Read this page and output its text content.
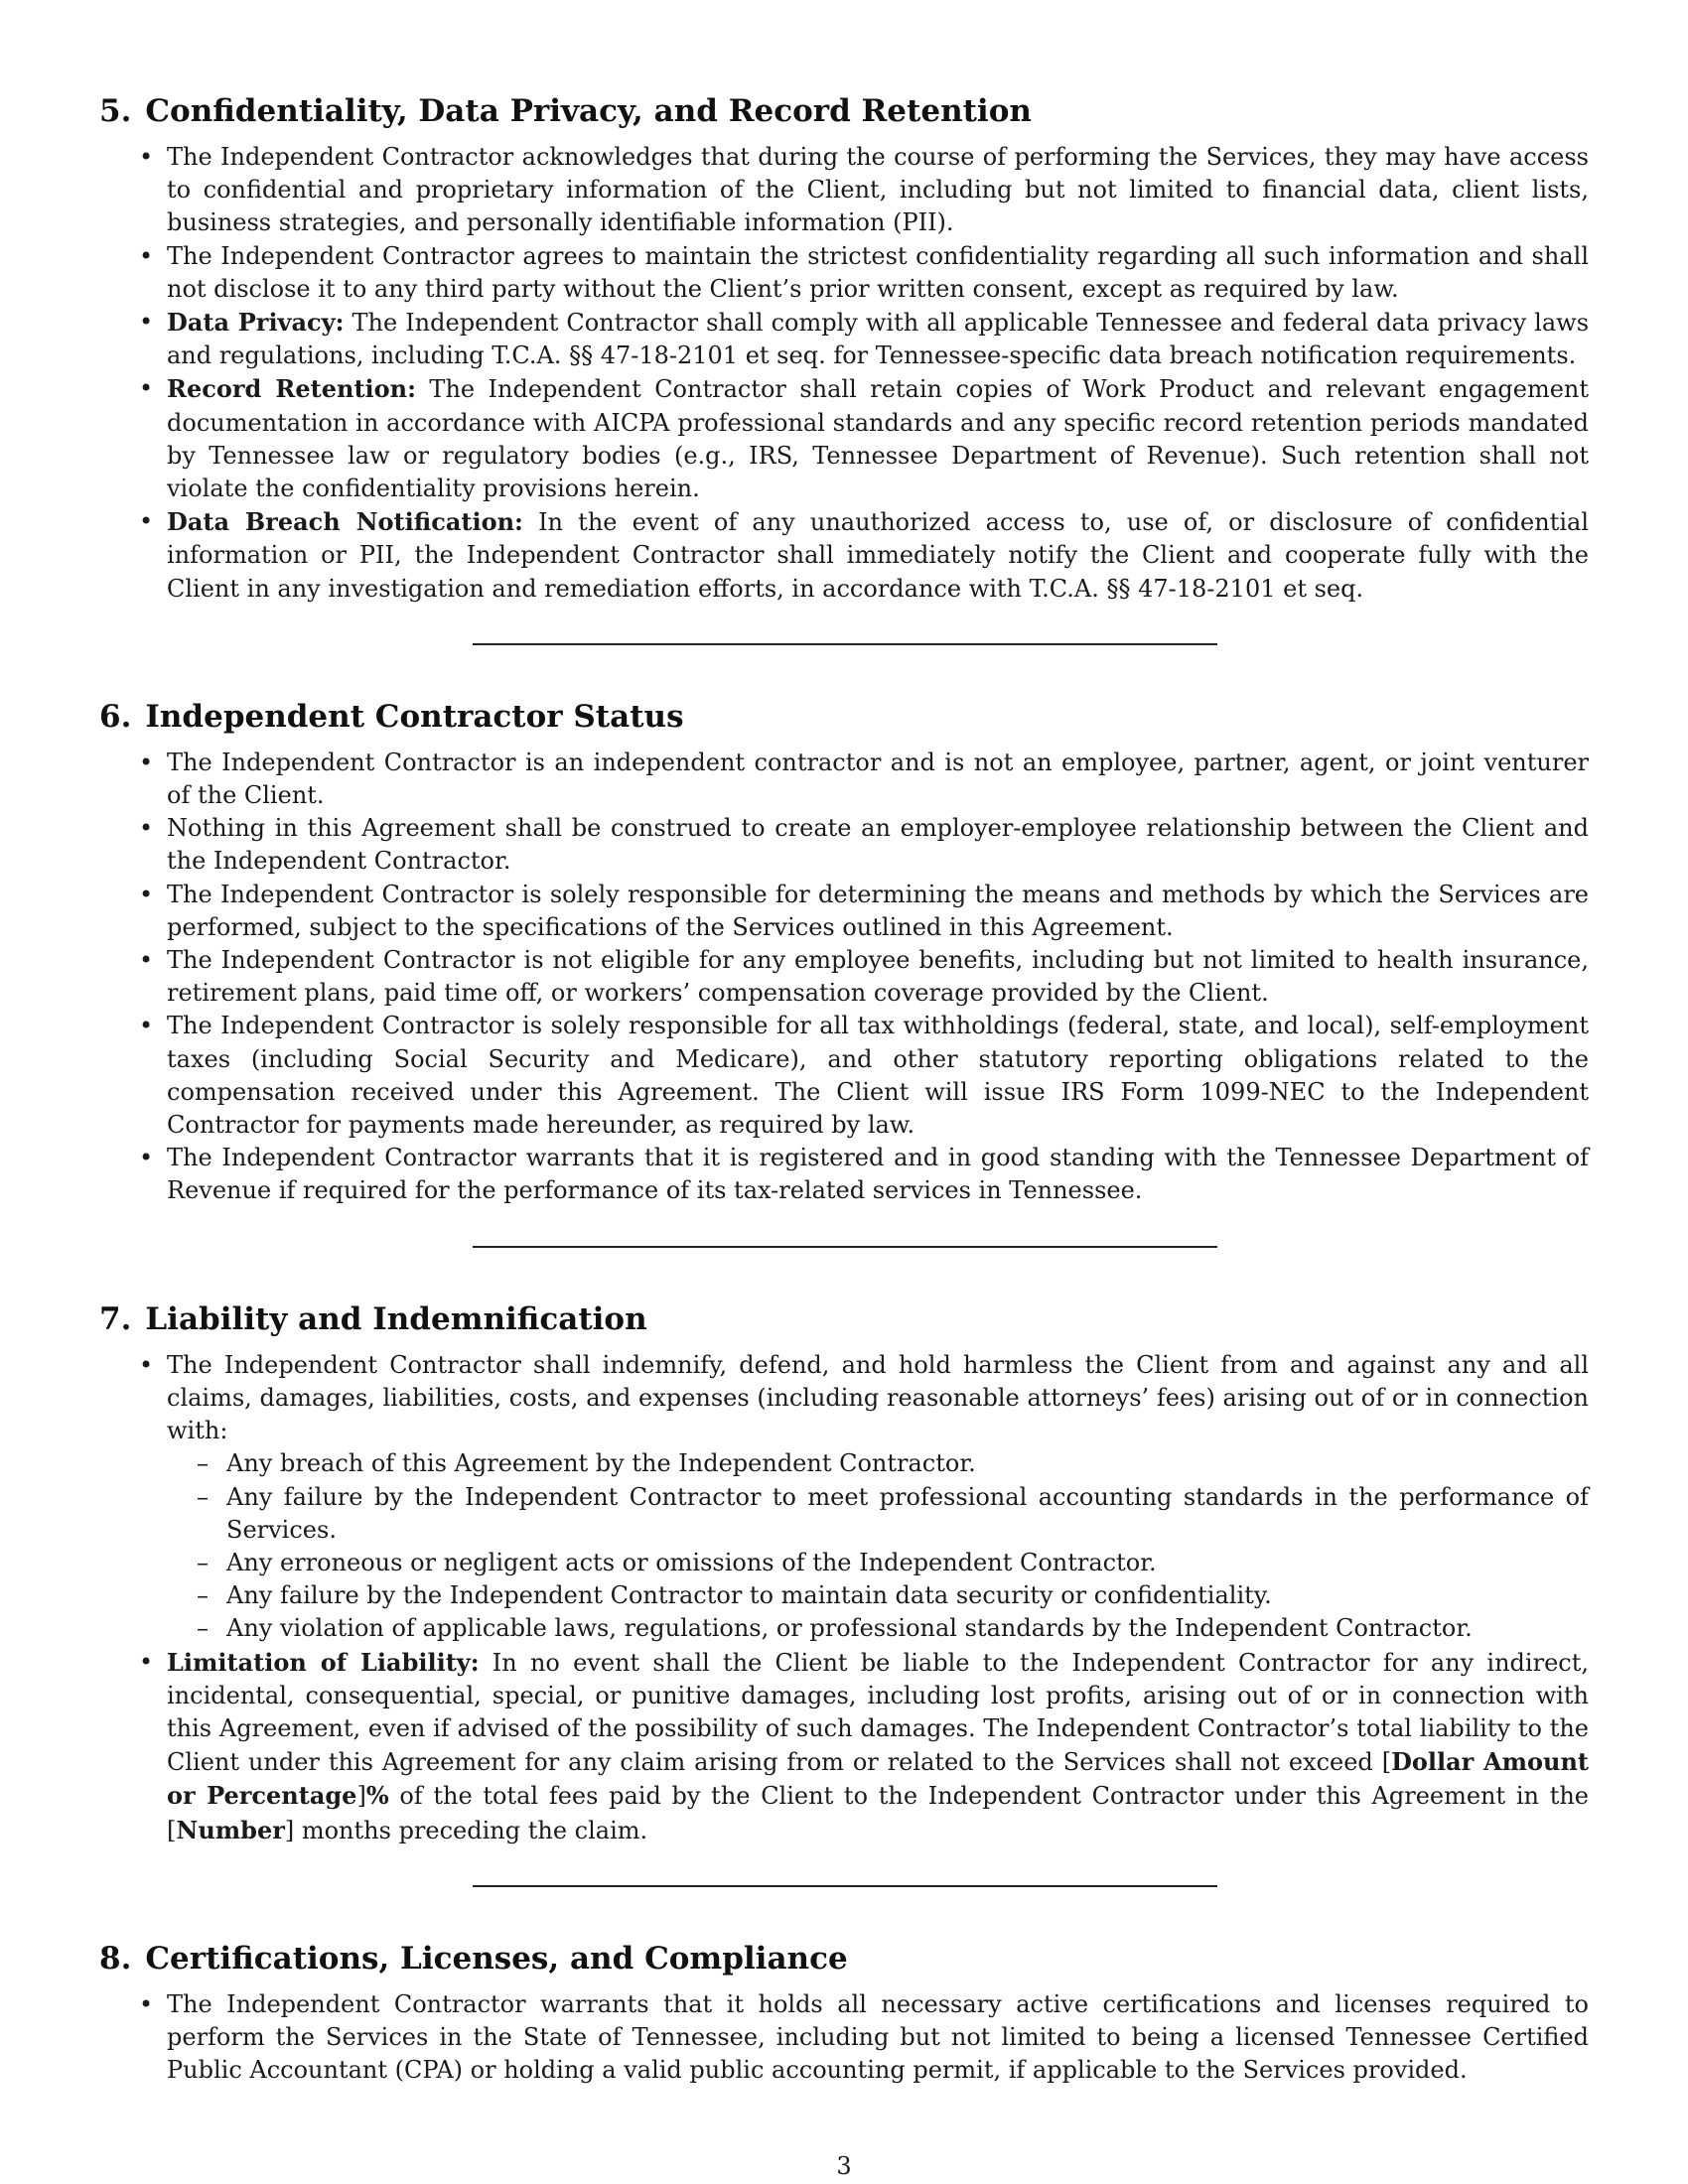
5. Confidentiality, Data Privacy, and Record Retention
• The Independent Contractor acknowledges that during the course of performing the Services, they may have access to confidential and proprietary information of the Client, including but not limited to financial data, client lists, business strategies, and personally identifiable information (PII).
• The Independent Contractor agrees to maintain the strictest confidentiality regarding all such information and shall not disclose it to any third party without the Client’s prior written consent, except as required by law.
• Data Privacy: The Independent Contractor shall comply with all applicable Tennessee and federal data privacy laws and regulations, including T.C.A. §§ 47-18-2101 et seq. for Tennessee-specific data breach notification requirements.
• Record Retention: The Independent Contractor shall retain copies of Work Product and relevant engagement documentation in accordance with AICPA professional standards and any specific record retention periods mandated by Tennessee law or regulatory bodies (e.g., IRS, Tennessee Department of Revenue). Such retention shall not violate the confidentiality provisions herein.
• Data Breach Notification: In the event of any unauthorized access to, use of, or disclosure of confidential information or PII, the Independent Contractor shall immediately notify the Client and cooperate fully with the Client in any investigation and remediation efforts, in accordance with T.C.A. §§ 47-18-2101 et seq.
6. Independent Contractor Status
• The Independent Contractor is an independent contractor and is not an employee, partner, agent, or joint venturer of the Client.
• Nothing in this Agreement shall be construed to create an employer-employee relationship between the Client and the Independent Contractor.
• The Independent Contractor is solely responsible for determining the means and methods by which the Services are performed, subject to the specifications of the Services outlined in this Agreement.
• The Independent Contractor is not eligible for any employee benefits, including but not limited to health insurance, retirement plans, paid time off, or workers’ compensation coverage provided by the Client.
• The Independent Contractor is solely responsible for all tax withholdings (federal, state, and local), self-employment taxes (including Social Security and Medicare), and other statutory reporting obligations related to the compensation received under this Agreement. The Client will issue IRS Form 1099-NEC to the Independent Contractor for payments made hereunder, as required by law.
• The Independent Contractor warrants that it is registered and in good standing with the Tennessee Department of Revenue if required for the performance of its tax-related services in Tennessee.
7. Liability and Indemnification
• The Independent Contractor shall indemnify, defend, and hold harmless the Client from and against any and all claims, damages, liabilities, costs, and expenses (including reasonable attorneys’ fees) arising out of or in connection with:
– Any breach of this Agreement by the Independent Contractor.
– Any failure by the Independent Contractor to meet professional accounting standards in the performance of Services.
– Any erroneous or negligent acts or omissions of the Independent Contractor.
– Any failure by the Independent Contractor to maintain data security or confidentiality.
– Any violation of applicable laws, regulations, or professional standards by the Independent Contractor.
• Limitation of Liability: In no event shall the Client be liable to the Independent Contractor for any indirect, incidental, consequential, special, or punitive damages, including lost profits, arising out of or in connection with this Agreement, even if advised of the possibility of such damages. The Independent Contractor’s total liability to the Client under this Agreement for any claim arising from or related to the Services shall not exceed [Dollar Amount or Percentage]% of the total fees paid by the Client to the Independent Contractor under this Agreement in the [Number] months preceding the claim.
8. Certifications, Licenses, and Compliance
• The Independent Contractor warrants that it holds all necessary active certifications and licenses required to perform the Services in the State of Tennessee, including but not limited to being a licensed Tennessee Certified Public Accountant (CPA) or holding a valid public accounting permit, if applicable to the Services provided.
3
